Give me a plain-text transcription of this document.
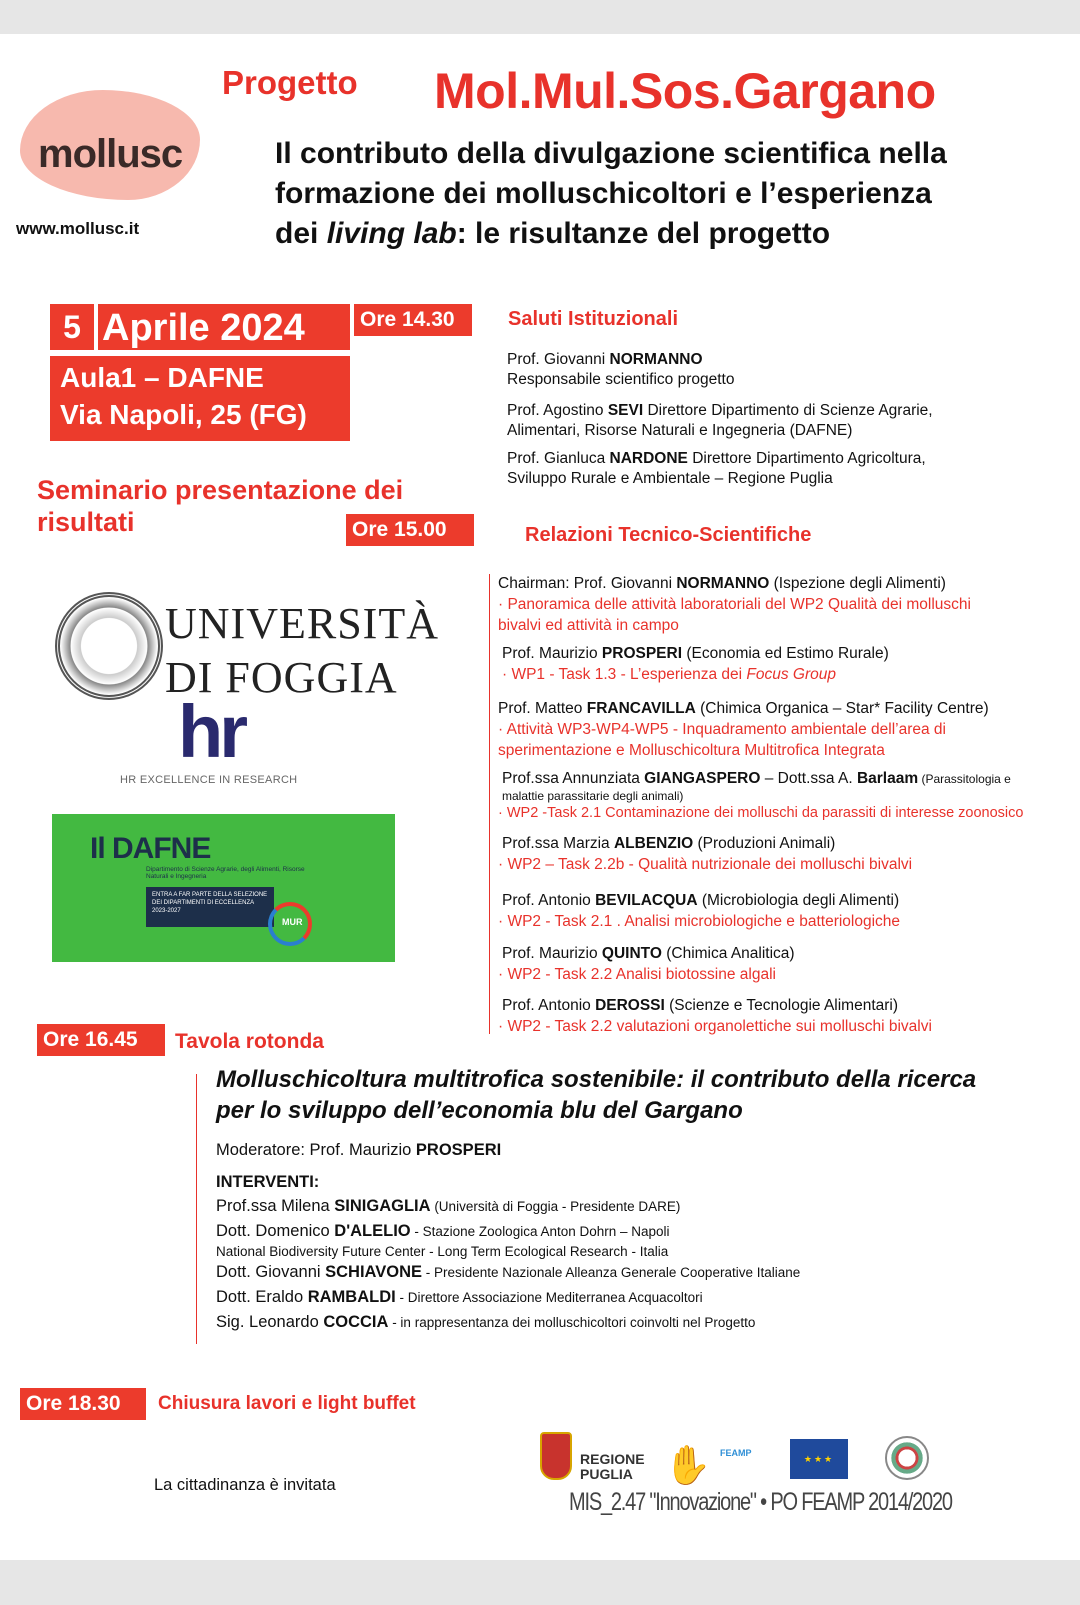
mollusc
www.mollusc.it
Progetto Mol.Mul.Sos.Gargano
Il contributo della divulgazione scientifica nella
formazione dei molluschicoltori e l’esperienza
dei living lab: le risultanze del progetto
5 Aprile 2024
Aula1 – DAFNE
Via Napoli, 25 (FG)
Seminario presentazione dei
risultati
Ore 14.30	Saluti Istituzionali
Prof. Giovanni NORMANNO
Responsabile scientifico progetto
Prof. Agostino SEVI Direttore Dipartimento di Scienze Agrarie,
Alimentari, Risorse Naturali e Ingegneria (DAFNE)
Prof. Gianluca NARDONE Direttore Dipartimento Agricoltura,
Sviluppo Rurale e Ambientale – Regione Puglia
Ore 15.00	Relazioni Tecnico-Scientifiche
Chairman: Prof. Giovanni NORMANNO (Ispezione degli Alimenti)
· Panoramica delle attività laboratoriali del WP2 Qualità dei molluschi
bivalvi ed attività in campo
Prof. Maurizio PROSPERI (Economia ed Estimo Rurale)
· WP1 - Task 1.3 - L’esperienza dei Focus Group
Prof. Matteo FRANCAVILLA (Chimica Organica – Star* Facility Centre)
· Attività WP3-WP4-WP5 - Inquadramento ambientale dell’area di
sperimentazione e Molluschicoltura Multitrofica Integrata
Prof.ssa Annunziata GIANGASPERO – Dott.ssa A. Barlaam (Parassitologia e
malattie parassitarie degli animali)
· WP2 -Task 2.1 Contaminazione dei molluschi da parassiti di interesse zoonosico
Prof.ssa Marzia ALBENZIO (Produzioni Animali)
· WP2 – Task 2.2b - Qualità nutrizionale dei molluschi bivalvi
Prof. Antonio BEVILACQUA (Microbiologia degli Alimenti)
· WP2 - Task 2.1 . Analisi microbiologiche e batteriologiche
Prof. Maurizio QUINTO (Chimica Analitica)
· WP2 - Task 2.2 Analisi biotossine algali
Prof. Antonio DEROSSI (Scienze e Tecnologie Alimentari)
· WP2 - Task 2.2 valutazioni organolettiche sui molluschi bivalvi
UNIVERSITÀ
DI FOGGIA
hr
HR EXCELLENCE IN RESEARCH
Il DAFNE
Dipartimento di Scienze Agrarie, degli Alimenti, Risorse Naturali e Ingegneria
ENTRA A FAR PARTE DELLA SELEZIONE DEI DIPARTIMENTI DI ECCELLENZA 2023-2027
MUR
Ore 16.45	Tavola rotonda
Molluschicoltura multitrofica sostenibile: il contributo della ricerca
per lo sviluppo dell’economia blu del Gargano
Moderatore: Prof. Maurizio PROSPERI
INTERVENTI:
Prof.ssa Milena SINIGAGLIA (Università di Foggia - Presidente DARE)
Dott. Domenico D'ALELIO - Stazione Zoologica Anton Dohrn – Napoli
National Biodiversity Future Center - Long Term Ecological Research - Italia
Dott. Giovanni SCHIAVONE - Presidente Nazionale Alleanza Generale Cooperative Italiane
Dott. Eraldo RAMBALDI - Direttore Associazione Mediterranea Acquacoltori
Sig. Leonardo COCCIA - in rappresentanza dei molluschicoltori coinvolti nel Progetto
Ore 18.30	Chiusura lavori e light buffet
La cittadinanza è invitata
REGIONE
PUGLIA ✋ FEAMP
★★★
MIS_2.47 "Innovazione" • PO FEAMP 2014/2020
